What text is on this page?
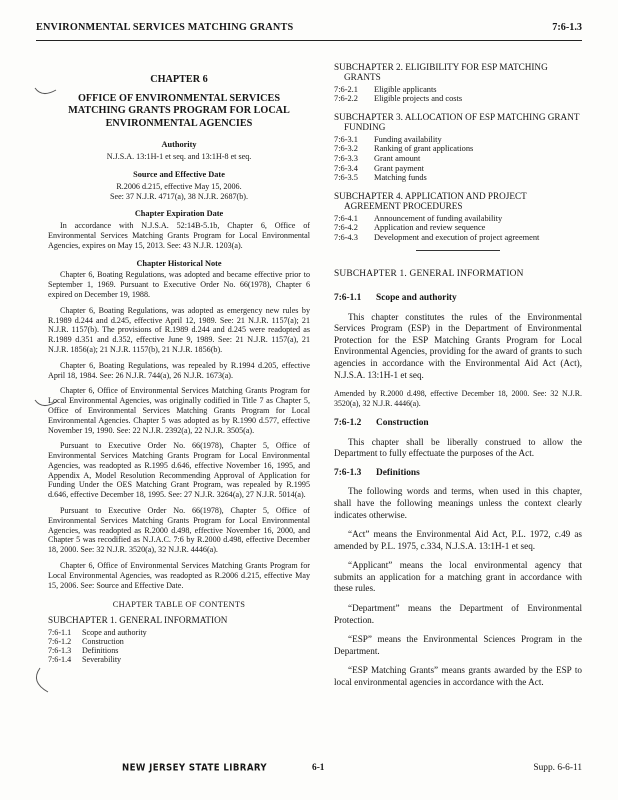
ENVIRONMENTAL SERVICES MATCHING GRANTS	7:6-1.3
CHAPTER 6
OFFICE OF ENVIRONMENTAL SERVICES MATCHING GRANTS PROGRAM FOR LOCAL ENVIRONMENTAL AGENCIES
Authority
N.J.S.A. 13:1H-1 et seq. and 13:1H-8 et seq.
Source and Effective Date
R.2006 d.215, effective May 15, 2006.
See: 37 N.J.R. 4717(a), 38 N.J.R. 2687(b).
Chapter Expiration Date

In accordance with N.J.S.A. 52:14B-5.1b, Chapter 6, Office of Environmental Services Matching Grants Program for Local Environmental Agencies, expires on May 15, 2013. See: 43 N.J.R. 1203(a).

Chapter Historical Note

Chapter 6, Boating Regulations, was adopted and became effective prior to September 1, 1969. Pursuant to Executive Order No. 66(1978), Chapter 6 expired on December 19, 1988.

Chapter 6, Boating Regulations, was adopted as emergency new rules by R.1989 d.244 and d.245, effective April 12, 1989. See: 21 N.J.R. 1157(a); 21 N.J.R. 1157(b). The provisions of R.1989 d.244 and d.245 were readopted as R.1989 d.351 and d.352, effective June 9, 1989. See: 21 N.J.R. 1157(a), 21 N.J.R. 1856(a); 21 N.J.R. 1157(b), 21 N.J.R. 1856(b).

Chapter 6, Boating Regulations, was repealed by R.1994 d.205, effective April 18, 1984. See: 26 N.J.R. 744(a), 26 N.J.R. 1673(a).

Chapter 6, Office of Environmental Services Matching Grants Program for Local Environmental Agencies, was originally codified in Title 7 as Chapter 5, Office of Environmental Services Matching Grants Program for Local Environmental Agencies. Chapter 5 was adopted as by R.1990 d.577, effective November 19, 1990. See: 22 N.J.R. 2392(a), 22 N.J.R. 3505(a).

Pursuant to Executive Order No. 66(1978), Chapter 5, Office of Environmental Services Matching Grants Program for Local Environmental Agencies, was readopted as R.1995 d.646, effective November 16, 1995, and Appendix A, Model Resolution Recommending Approval of Application for Funding Under the OES Matching Grant Program, was repealed by R.1995 d.646, effective December 18, 1995. See: 27 N.J.R. 3264(a), 27 N.J.R. 5014(a).

Pursuant to Executive Order No. 66(1978), Chapter 5, Office of Environmental Services Matching Grants Program for Local Environmental Agencies, was readopted as R.2000 d.498, effective November 16, 2000, and Chapter 5 was recodified as N.J.A.C. 7:6 by R.2000 d.498, effective December 18, 2000. See: 32 N.J.R. 3520(a), 32 N.J.R. 4446(a).

Chapter 6, Office of Environmental Services Matching Grants Program for Local Environmental Agencies, was readopted as R.2006 d.215, effective May 15, 2006. See: Source and Effective Date.

CHAPTER TABLE OF CONTENTS
SUBCHAPTER 1. GENERAL INFORMATION
7:6-1.1	Scope and authority
7:6-1.2	Construction
7:6-1.3	Definitions
7:6-1.4	Severability
SUBCHAPTER 2. ELIGIBILITY FOR ESP MATCHING GRANTS
7:6-2.1	Eligible applicants
7:6-2.2	Eligible projects and costs
SUBCHAPTER 3. ALLOCATION OF ESP MATCHING GRANT FUNDING
7:6-3.1	Funding availability
7:6-3.2	Ranking of grant applications
7:6-3.3	Grant amount
7:6-3.4	Grant payment
7:6-3.5	Matching funds
SUBCHAPTER 4. APPLICATION AND PROJECT AGREEMENT PROCEDURES
7:6-4.1	Announcement of funding availability
7:6-4.2	Application and review sequence
7:6-4.3	Development and execution of project agreement
SUBCHAPTER 1. GENERAL INFORMATION
7:6-1.1 Scope and authority

This chapter constitutes the rules of the Environmental Services Program (ESP) in the Department of Environmental Protection for the ESP Matching Grants Program for Local Environmental Agencies, providing for the award of grants to such agencies in accordance with the Environmental Aid Act (Act), N.J.S.A. 13:1H-1 et seq.

Amended by R.2000 d.498, effective December 18, 2000. See: 32 N.J.R. 3520(a), 32 N.J.R. 4446(a).

7:6-1.2 Construction

This chapter shall be liberally construed to allow the Department to fully effectuate the purposes of the Act.

7:6-1.3 Definitions

The following words and terms, when used in this chapter, shall have the following meanings unless the context clearly indicates otherwise.

“Act” means the Environmental Aid Act, P.L. 1972, c.49 as amended by P.L. 1975, c.334, N.J.S.A. 13:1H-1 et seq.

“Applicant” means the local environmental agency that submits an application for a matching grant in accordance with these rules.

“Department” means the Department of Environmental Protection.

“ESP” means the Environmental Sciences Program in the Department.

“ESP Matching Grants” means grants awarded by the ESP to local environmental agencies in accordance with the Act.

NEW JERSEY STATE LIBRARY	6-1	Supp. 6-6-11
